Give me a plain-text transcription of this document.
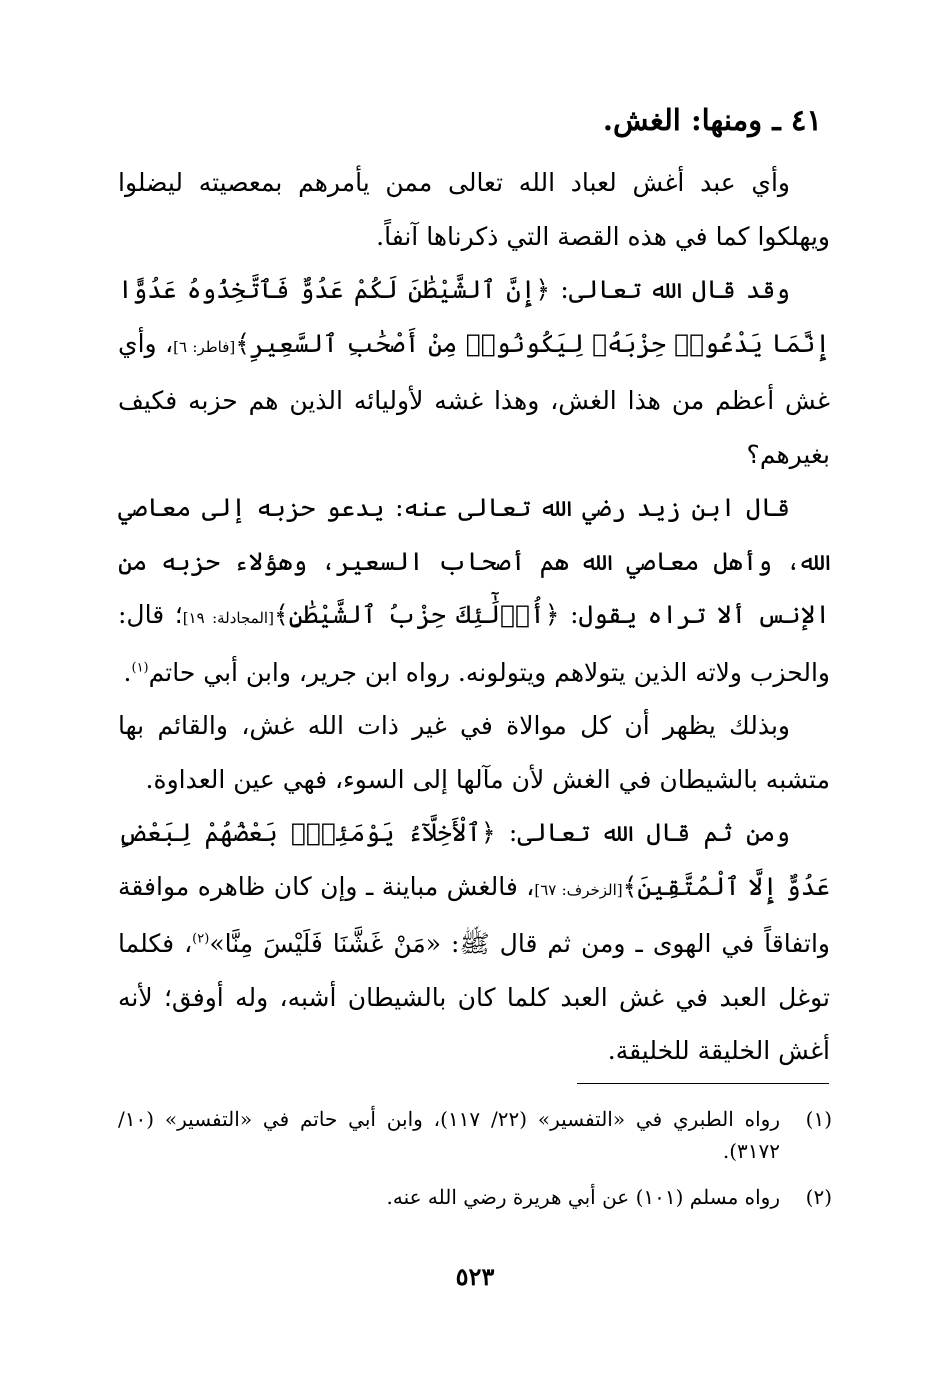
٤١ ـ ومنها: الغش.

وأي عبد أغش لعباد الله تعالى ممن يأمرهم بمعصيته ليضلوا ويهلكوا كما في هذه القصة التي ذكرناها آنفاً.

وقد قال الله تعالى: ﴿إِنَّ ٱلشَّيْطَٰنَ لَكُمْ عَدُوٌّ فَٱتَّخِذُوهُ عَدُوًّا إِنَّمَا يَدْعُوا۟ حِزْبَهُۥ لِيَكُونُوا۟ مِنْ أَصْحَٰبِ ٱلسَّعِيرِ﴾[فاطر: ٦]، وأي غش أعظم من هذا الغش، وهذا غشه لأوليائه الذين هم حزبه فكيف بغيرهم؟

قال ابن زيد رضي الله تعالى عنه: يدعو حزبه إلى معاصي الله، وأهل معاصي الله هم أصحاب السعير، وهؤلاء حزبه من الإنس ألا تراه يقول: ﴿أُو۟لَٰٓئِكَ حِزْبُ ٱلشَّيْطَٰنِ﴾[المجادلة: ١٩]؛ قال: والحزب ولاته الذين يتولاهم ويتولونه. رواه ابن جرير، وابن أبي حاتم$^{(١)}$.

وبذلك يظهر أن كل موالاة في غير ذات الله غش، والقائم بها متشبه بالشيطان في الغش لأن مآلها إلى السوء، فهي عين العداوة.

ومن ثم قال الله تعالى: ﴿ٱلْأَخِلَّآءُ يَوْمَئِذٍۭ بَعْضُهُمْ لِبَعْضٍ عَدُوٌّ إِلَّا ٱلْمُتَّقِينَ﴾[الزخرف: ٦٧]، فالغش مباينة ـ وإن كان ظاهره موافقة واتفاقاً في الهوى ـ ومن ثم قال ﷺ: «مَنْ غَشَّنَا فَلَيْسَ مِنَّا»$^{(٢)}$، فكلما توغل العبد في غش العبد كلما كان بالشيطان أشبه، وله أوفق؛ لأنه أغش الخليقة للخليقة.

(١)
رواه الطبري في «التفسير» (٢٢/ ١١٧)، وابن أبي حاتم في «التفسير» (١٠/ ٣١٧٢).
(٢)
رواه مسلم (١٠١) عن أبي هريرة رضي الله عنه.
٥٢٣
